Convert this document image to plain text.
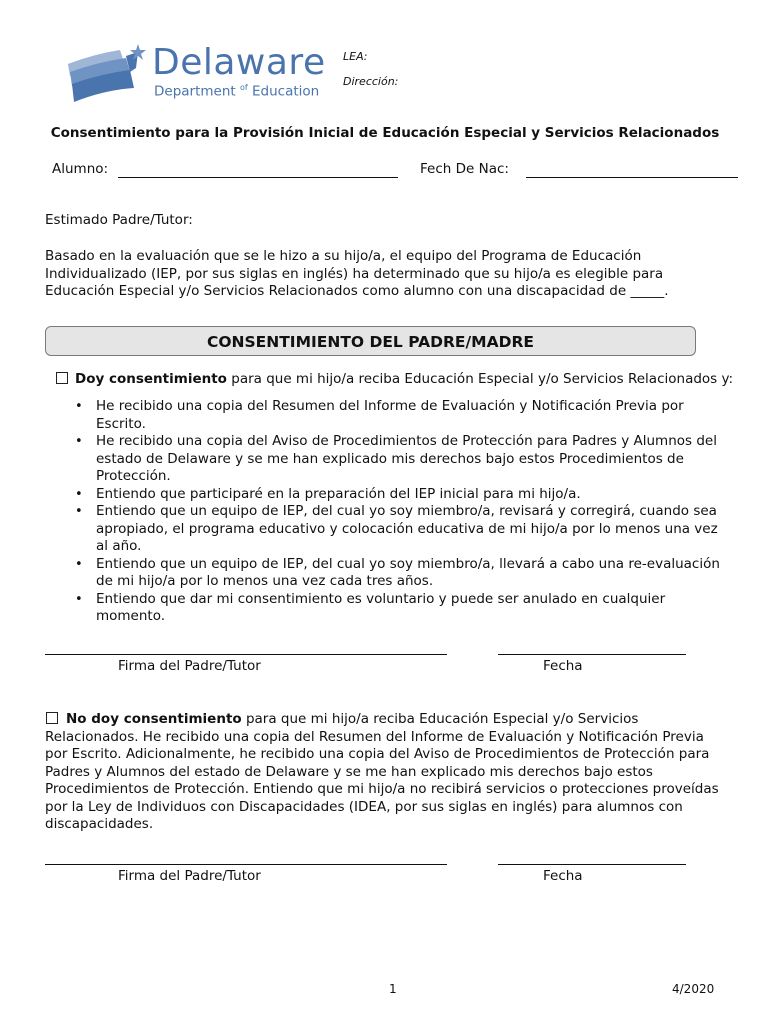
Delaware
Department $^{of}$ Education
LEA:
Dirección:
Consentimiento para la Provisión Inicial de Educación Especial y Servicios Relacionados
Alumno:	Fech De Nac:
Estimado Padre/Tutor:
Basado en la evaluación que se le hizo a su hijo/a, el equipo del Programa de Educación Individualizado (IEP, por sus siglas en inglés) ha determinado que su hijo/a es elegible para Educación Especial y/o Servicios Relacionados como alumno con una discapacidad de _____.
CONSENTIMIENTO DEL PADRE/MADRE
Doy consentimiento para que mi hijo/a reciba Educación Especial y/o Servicios Relacionados y:
• He recibido una copia del Resumen del Informe de Evaluación y Notificación Previa por Escrito.
• He recibido una copia del Aviso de Procedimientos de Protección para Padres y Alumnos del estado de Delaware y se me han explicado mis derechos bajo estos Procedimientos de Protección.
• Entiendo que participaré en la preparación del IEP inicial para mi hijo/a.
• Entiendo que un equipo de IEP, del cual yo soy miembro/a, revisará y corregirá, cuando sea apropiado, el programa educativo y colocación educativa de mi hijo/a por lo menos una vez al año.
• Entiendo que un equipo de IEP, del cual yo soy miembro/a, llevará a cabo una re-evaluación de mi hijo/a por lo menos una vez cada tres años.
• Entiendo que dar mi consentimiento es voluntario y puede ser anulado en cualquier momento.
Firma del Padre/Tutor	Fecha
No doy consentimiento para que mi hijo/a reciba Educación Especial y/o Servicios Relacionados. He recibido una copia del Resumen del Informe de Evaluación y Notificación Previa por Escrito. Adicionalmente, he recibido una copia del Aviso de Procedimientos de Protección para Padres y Alumnos del estado de Delaware y se me han explicado mis derechos bajo estos Procedimientos de Protección. Entiendo que mi hijo/a no recibirá servicios o protecciones proveídas por la Ley de Individuos con Discapacidades (IDEA, por sus siglas en inglés) para alumnos con discapacidades.
Firma del Padre/Tutor	Fecha
1	4/2020
